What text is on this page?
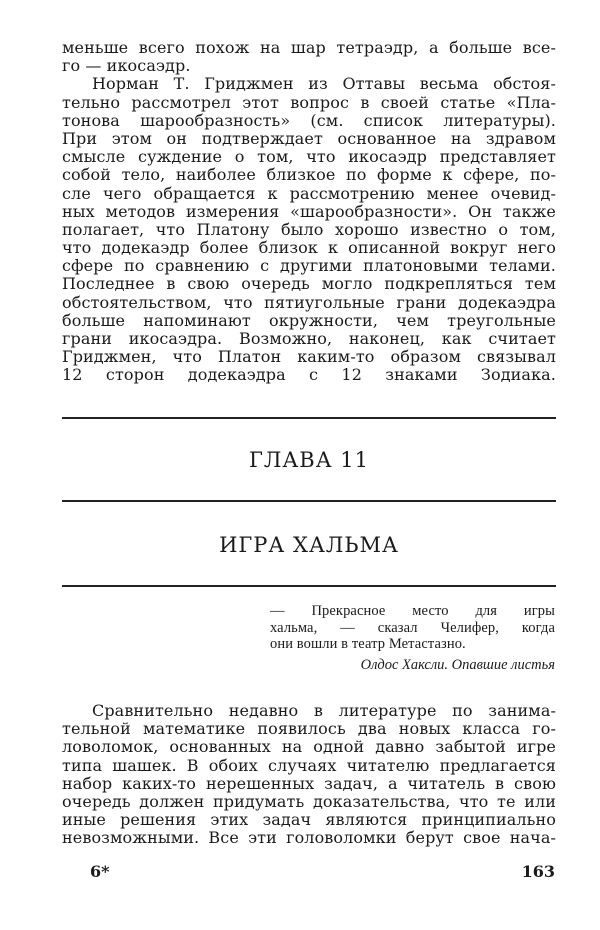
меньше всего похож на шар тетраэдр, а больше все-
го — икосаэдр.
Норман Т. Гриджмен из Оттавы весьма обстоя-
тельно рассмотрел этот вопрос в своей статье «Пла-
тонова шарообразность» (см. список литературы).
При этом он подтверждает основанное на здравом
смысле суждение о том, что икосаэдр представляет
собой тело, наиболее близкое по форме к сфере, по-
сле чего обращается к рассмотрению менее очевид-
ных методов измерения «шарообразности». Он также
полагает, что Платону было хорошо известно о том,
что додекаэдр более близок к описанной вокруг него
сфере по сравнению с другими платоновыми телами.
Последнее в свою очередь могло подкрепляться тем
обстоятельством, что пятиугольные грани додекаэдра
больше напоминают окружности, чем треугольные
грани икосаэдра. Возможно, наконец, как считает
Гриджмен, что Платон каким-то образом связывал
12 сторон додекаэдра с 12 знаками Зодиака.
ГЛАВА 11
ИГРА ХАЛЬМА
— Прекрасное место для игры
хальма, — сказал Челифер, когда
они вошли в театр Метастазно.
Олдос Хаксли. Опавшие листья
Сравнительно недавно в литературе по занима-
тельной математике появилось два новых класса го-
ловоломок, основанных на одной давно забытой игре
типа шашек. В обоих случаях читателю предлагается
набор каких-то нерешенных задач, а читатель в свою
очередь должен придумать доказательства, что те или
иные решения этих задач являются принципиально
невозможными. Все эти головоломки берут свое нача-
6*	163
